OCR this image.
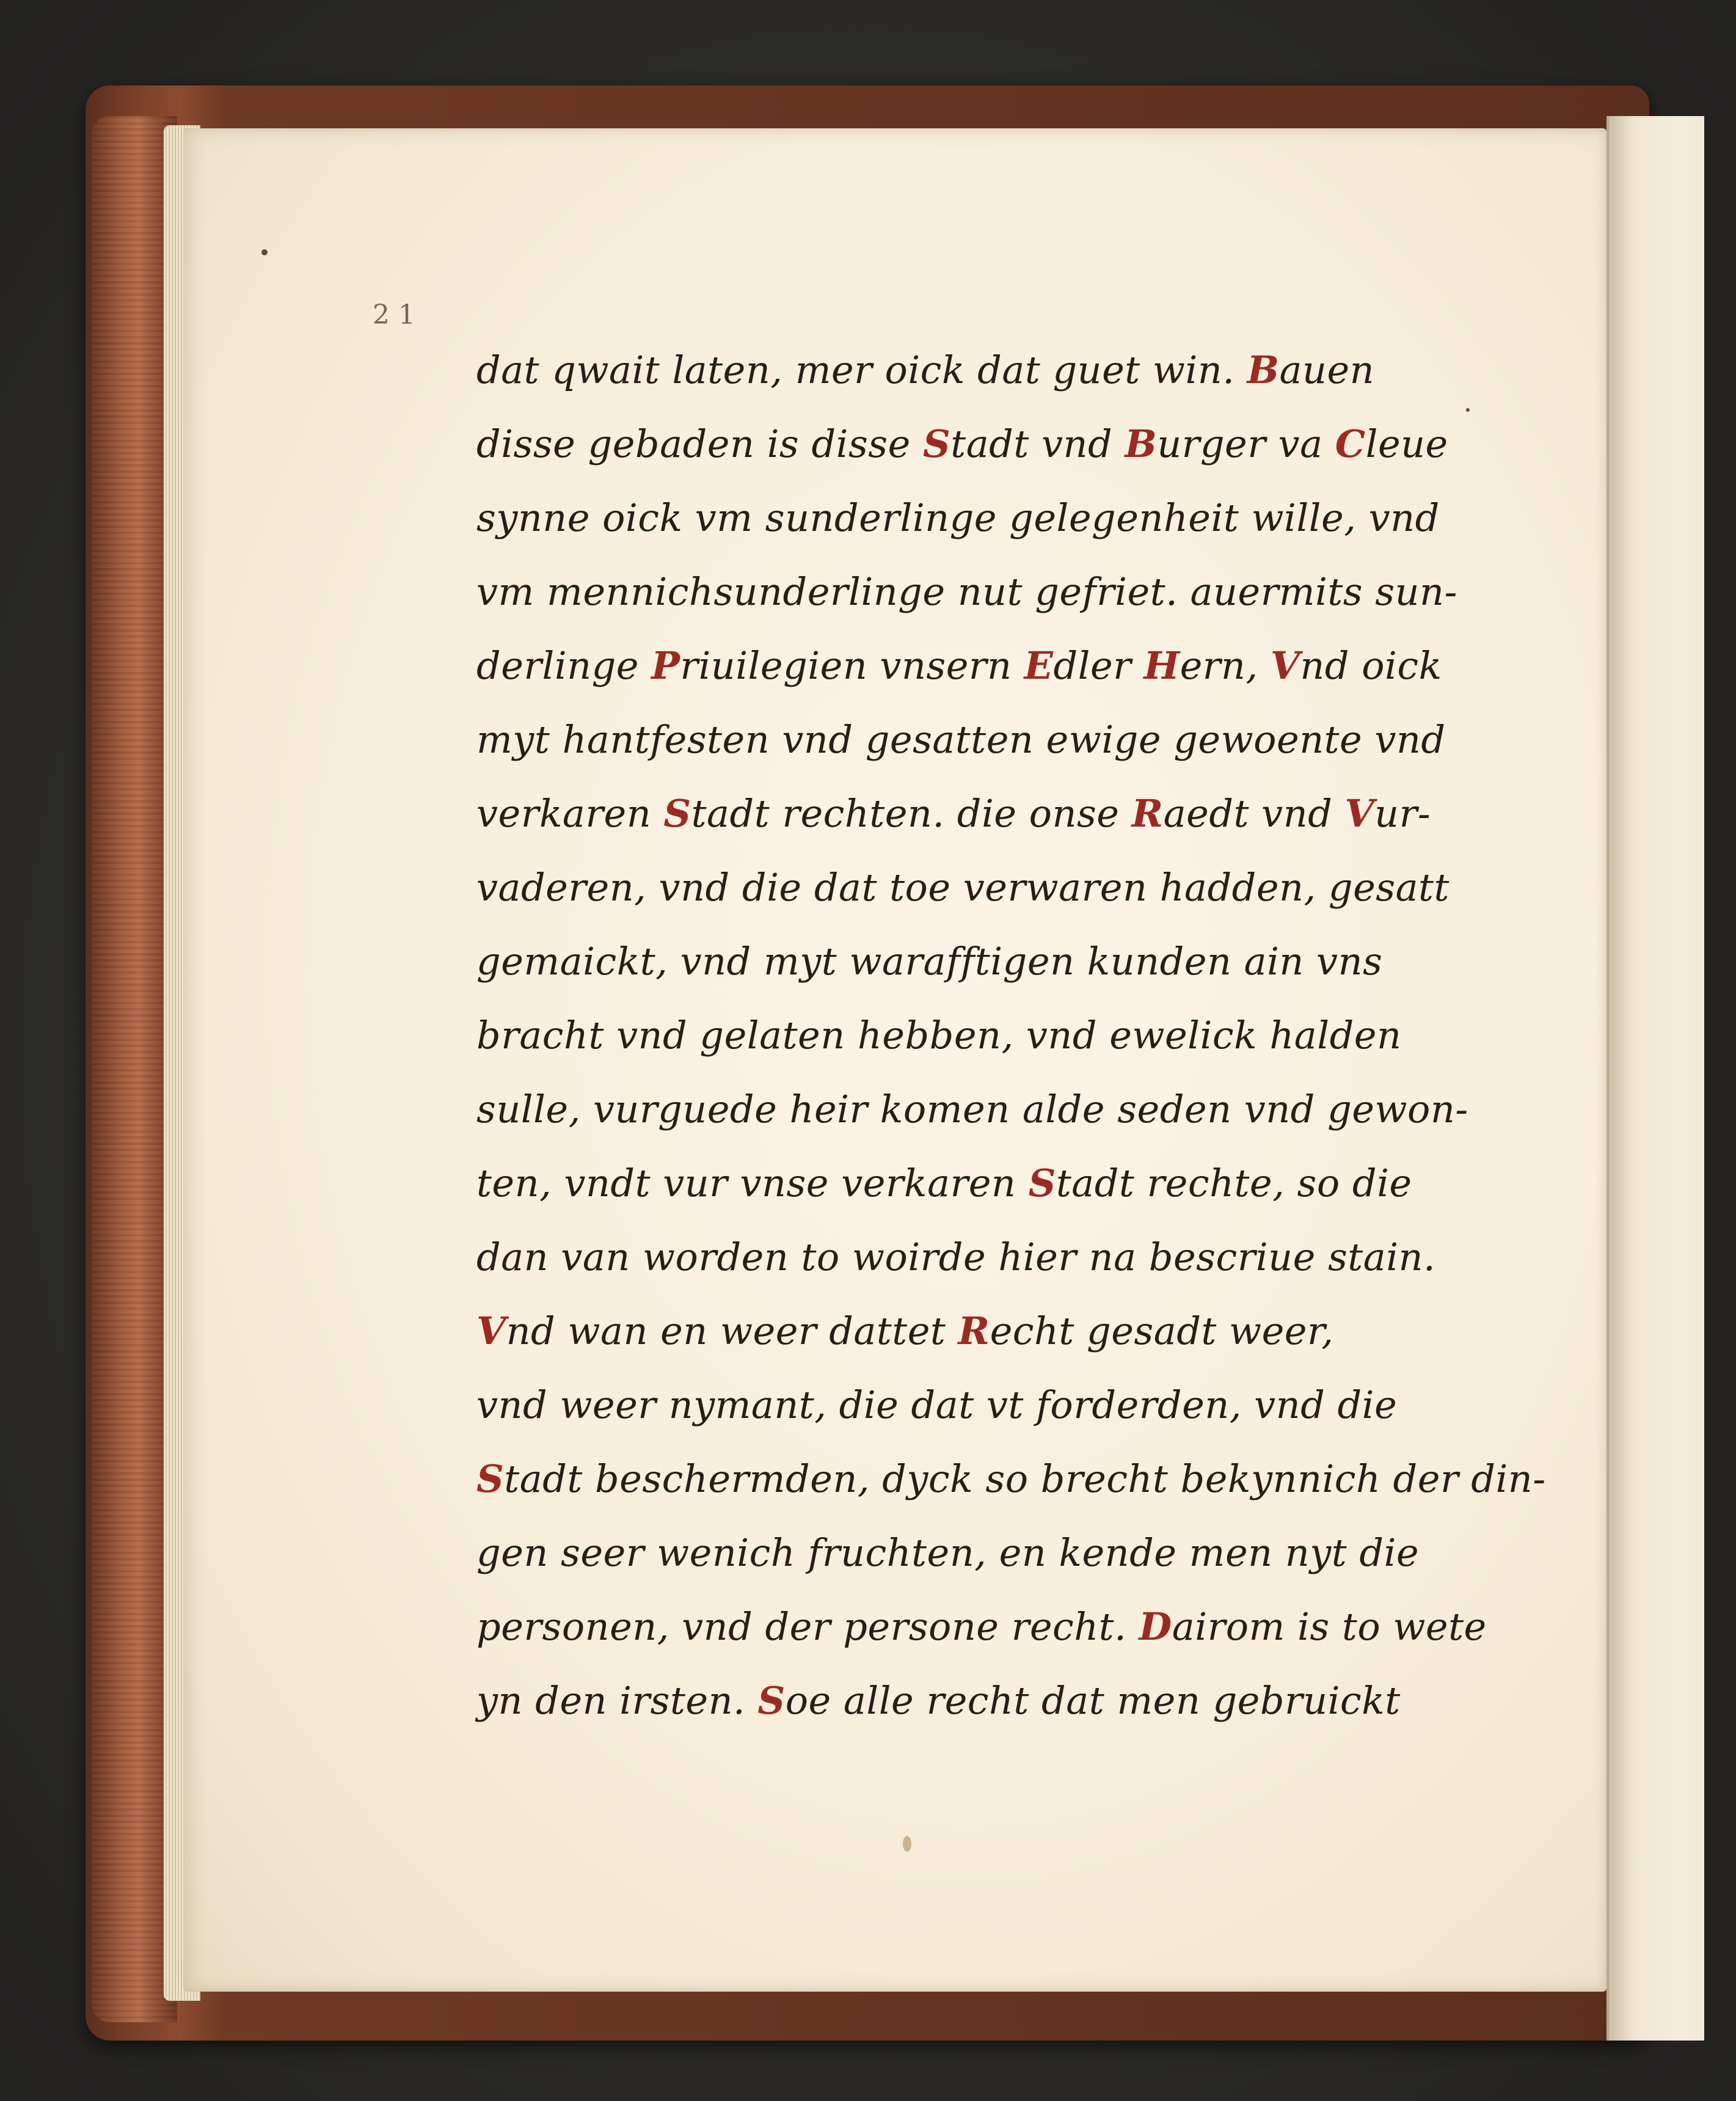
2 1
dat qwait laten, mer oick dat guet win. Bauen
disse gebaden is disse Stadt vnd Burger va Cleue
synne oick vm sunderlinge gelegenheit wille, vnd
vm mennichsunderlinge nut gefriet. auermits sun-
derlinge Priuilegien vnsern Edler Hern, Vnd oick
myt hantfesten vnd gesatten ewige gewoente vnd
verkaren Stadt rechten. die onse Raedt vnd Vur-
vaderen, vnd die dat toe verwaren hadden, gesatt
gemaickt, vnd myt warafftigen kunden ain vns
bracht vnd gelaten hebben, vnd ewelick halden
sulle, vurguede heir komen alde seden vnd gewon-
ten, vndt vur vnse verkaren Stadt rechte, so die
dan van worden to woirde hier na bescriue stain.
Vnd wan en weer dattet Recht gesadt weer,
vnd weer nymant, die dat vt forderden, vnd die
Stadt beschermden, dyck so brecht bekynnich der din-
gen seer wenich fruchten, en kende men nyt die
personen, vnd der persone recht. Dairom is to wete
yn den irsten. Soe alle recht dat men gebruickt
